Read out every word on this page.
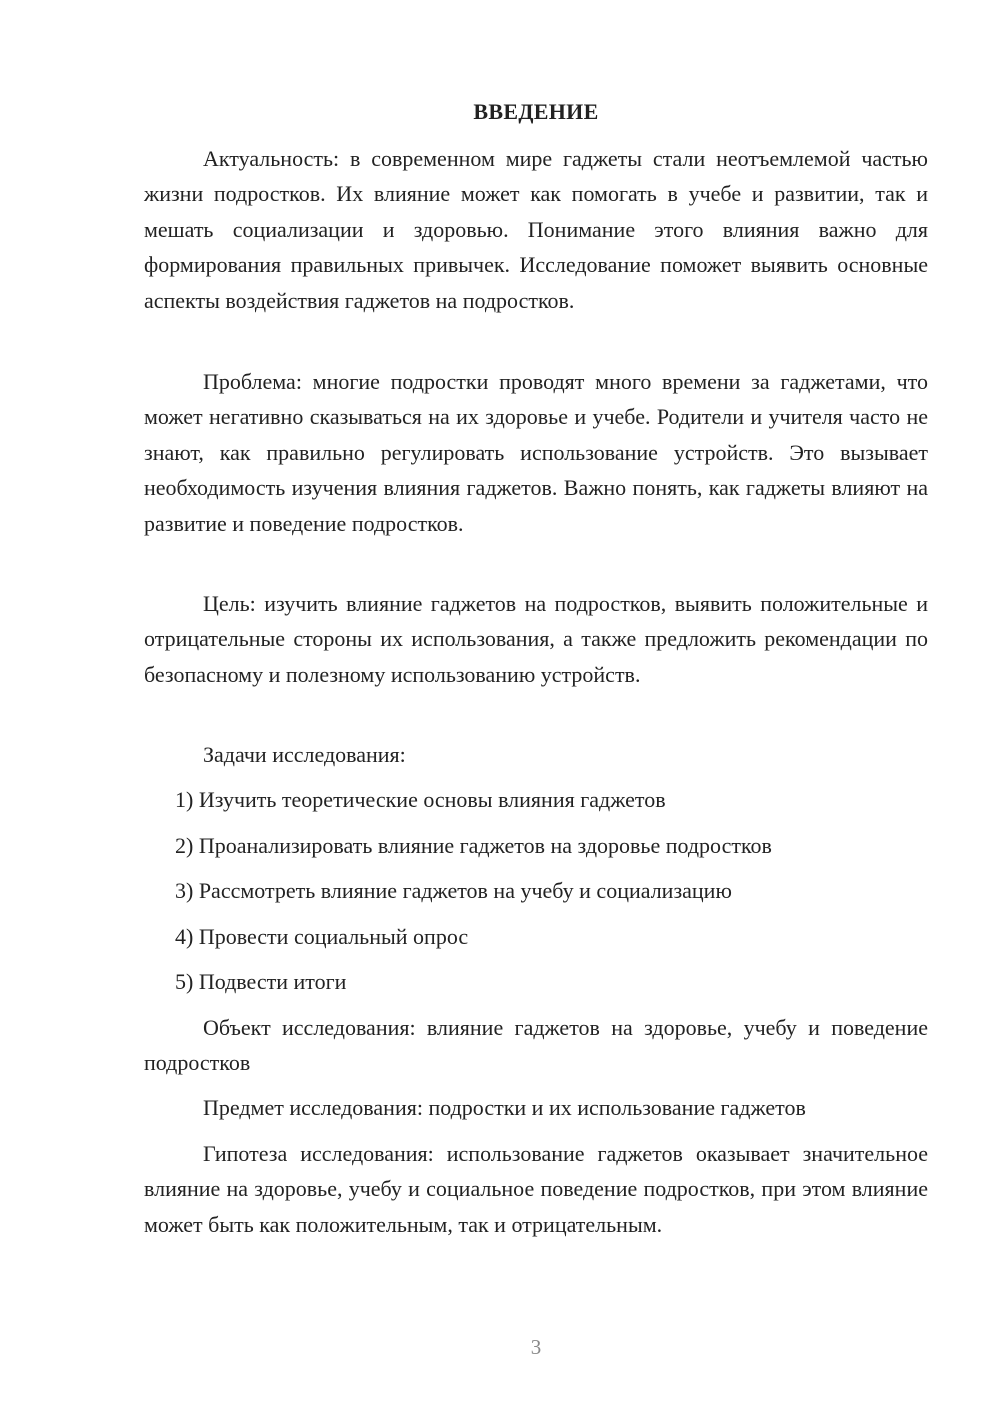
ВВЕДЕНИЕ

Актуальность: в современном мире гаджеты стали неотъемлемой частью жизни подростков. Их влияние может как помогать в учебе и развитии, так и мешать социализации и здоровью. Понимание этого влияния важно для формирования правильных привычек. Исследование поможет выявить основные аспекты воздействия гаджетов на подростков.

Проблема: многие подростки проводят много времени за гаджетами, что может негативно сказываться на их здоровье и учебе. Родители и учителя часто не знают, как правильно регулировать использование устройств. Это вызывает необходимость изучения влияния гаджетов. Важно понять, как гаджеты влияют на развитие и поведение подростков.

Цель: изучить влияние гаджетов на подростков, выявить положительные и отрицательные стороны их использования, а также предложить рекомендации по безопасному и полезному использованию устройств.

Задачи исследования:
1) Изучить теоретические основы влияния гаджетов
2) Проанализировать влияние гаджетов на здоровье подростков
3) Рассмотреть влияние гаджетов на учебу и социализацию
4) Провести социальный опрос
5) Подвести итоги

Объект исследования: влияние гаджетов на здоровье, учебу и поведение подростков

Предмет исследования: подростки и их использование гаджетов

Гипотеза исследования: использование гаджетов оказывает значительное влияние на здоровье, учебу и социальное поведение подростков, при этом влияние может быть как положительным, так и отрицательным.

3
